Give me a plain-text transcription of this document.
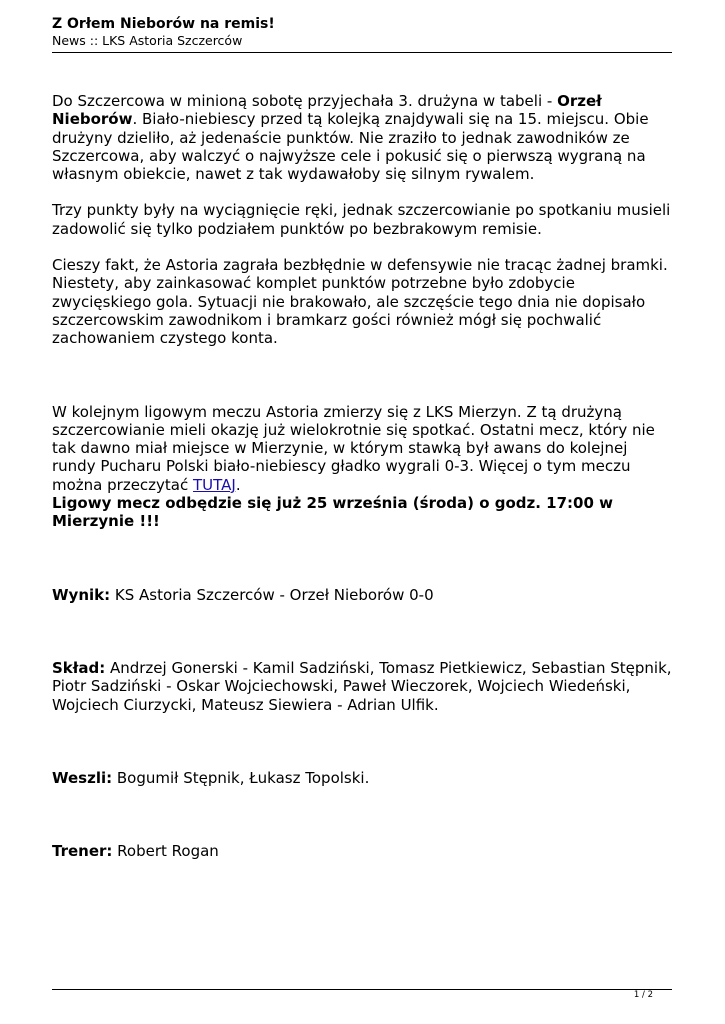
Z Orłem Nieborów na remis!

News :: LKS Astoria Szczerców

Do Szczercowa w minioną sobotę przyjechała 3. drużyna w tabeli - Orzeł Nieborów. Biało-niebiescy przed tą kolejką znajdywali się na 15. miejscu. Obie drużyny dzieliło, aż jedenaście punktów. Nie zraziło to jednak zawodników ze Szczercowa, aby walczyć o najwyższe cele i pokusić się o pierwszą wygraną na własnym obiekcie, nawet z tak wydawałoby się silnym rywalem.

Trzy punkty były na wyciągnięcie ręki, jednak szczercowianie po spotkaniu musieli zadowolić się tylko podziałem punktów po bezbrakowym remisie.

Cieszy fakt, że Astoria zagrała bezbłędnie w defensywie nie tracąc żadnej bramki. Niestety, aby zainkasować komplet punktów potrzebne było zdobycie zwycięskiego gola. Sytuacji nie brakowało, ale szczęście tego dnia nie dopisało szczercowskim zawodnikom i bramkarz gości również mógł się pochwalić zachowaniem czystego konta.

W kolejnym ligowym meczu Astoria zmierzy się z LKS Mierzyn. Z tą drużyną szczercowianie mieli okazję już wielokrotnie się spotkać. Ostatni mecz, który nie tak dawno miał miejsce w Mierzynie, w którym stawką był awans do kolejnej rundy Pucharu Polski biało-niebiescy gładko wygrali 0-3. Więcej o tym meczu można przeczytać TUTAJ.

Ligowy mecz odbędzie się już 25 września (środa) o godz. 17:00 w Mierzynie !!!

Wynik: KS Astoria Szczerców - Orzeł Nieborów 0-0

Skład: Andrzej Gonerski - Kamil Sadziński, Tomasz Pietkiewicz, Sebastian Stępnik, Piotr Sadziński - Oskar Wojciechowski, Paweł Wieczorek, Wojciech Wiedeński, Wojciech Ciurzycki, Mateusz Siewiera - Adrian Ulfik.

Weszli: Bogumił Stępnik, Łukasz Topolski.

Trener: Robert Rogan

1 / 2
